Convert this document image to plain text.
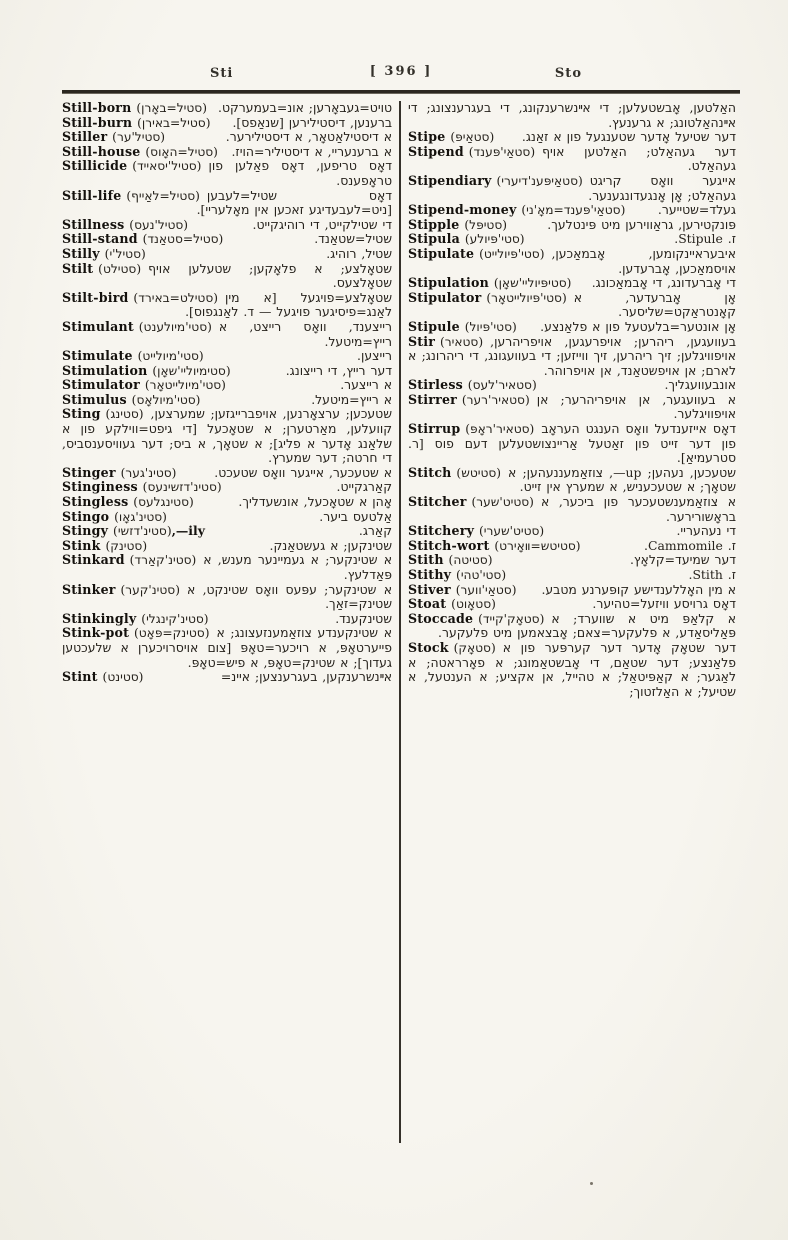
Sti	[ 396 ]	Sto
Still-born (סטיל=באָרן) טויט=געבאָרען; אונ=בעמערקט.
Still-burn (סטיל=באירן) ברענען, דיסטילירען [שנאַפס].
Stiller (סטיל'ער)	א דיסטילאַטאָר, א דיסטילירער.
Still-house (סטיל=האָוס) א ברענעריי, א דיסטיליר=הויז.
Stillicide (סטיל'יסאייד) דאָס טריפען, דאָס פאַלען פון טראָפענס.
Still-life (סטיל=לאַייף) דאָס שטיל=לעבען [ניט=לעבעדיגע זאכען אין מאָלעריי].
Stillness (סטיל'נעס)	די שטילקייט, די רוהיגקייט.
Still-stand (סטיל=סטאַנד)	שטיל=שטאַנד.
Stilly (סטיל'י)	שטיל, רוהיג.
Stilt (סטילט) שטאָלצע; א פלאָקען; שטעלען אויף שטאָלצעס.
Stilt-bird (סטילט=באירד) שטאָלצע=פויגעל [א מין לאַנג=פיסיגער פויגעל — ד. לאַנגפוס].
Stimulant (סטי'מיולענט) רייצענד, וואָס רייצט, א רייץ=מיטעל.
Stimulate (סטי'מיולייט)	רייצען.
Stimulation (סטימיוליי'שאָן)	דער רייץ, די רייצונג.
Stimulator (סטי'מיולייטאָר)	א רייצער.
Stimulus (סטי'מיולאָס)	א רייץ=מיטעל.
Sting (סטינג) שטעכען; ערצאָרנען, אויפברייגזען; שמערצען, קוועלען, מאַרטערן; א שטאָכעל [די גיפט=ווילקע פון א שלאַנג אָדער א פליג]; א שטאָך, א ביס; דער געוויסענסביס, די חרטה; דער שמערץ.
Stinger (סטינ'גער)	א שטעכער, אייגער וואָס שטעכט.
Stinginess (סטינ'דזשינעס)	קאַרגקייט.
Stingless (סטינגלעס)	אָהן א שטאָכעל, אונשעדליך.
Stingo (סטינ'גאָו)	אַלטעס ביער.
Stingy (סטינ'דזשי),—ily	קאַרג.
Stink (סטינק)	שטינקען; א געשטאַנק.
Stinkard (סטינ'קאַרד) א שטינקער; א געמיינער מענש, א פּאַדלעץ.
Stinker (סטינ'קער) א שטינקער; עפּעס וואָס שטינקט, א שטינק=זאַך.
Stinkingly (סטינ'קינגלי)	שטינקענד.
Stink-pot (סטינק=פּאָט) א שטינקענדע צוזאַמענזעצונג; א פייערטאָפּ, א רויכער=טאָפּ [צום אויסרויכערן א שלעכטען געדוך]; א שטינק=טאָפּ, א פיש=טאָפּ.
Stint (סטינט)	אײנשרענקען, בעגרענצען; איינ=
האַלטען, אָבשטעלען; די אײנשרענקונג, די בעגרענצונג; די אײנהאַלטונג; א גרענעץ.
Stipe (סטאַיפּ) דער שטיעל אָדער שטענגעל פון א זאַנג.
Stipend (סטאַי'פּענד) דער געהאַלט; האַלטען אויף געהאַלט.
Stipendiary (סטאַיפּענ'דיערי) אייגער וואָס קריגט געהאַלט; אָן אָנגעדונגענער.
Stipend-money (סטאַי'פּענד=מאָ'ני)	געלד=שטייער.
Stipple (סטיפּל)	פּונקטירען, גראַווירען מיט פּינטלעך.
Stipula (סטי'פּיולע)	ז. Stipule.
Stipulate (סטי'פּיולייט) איבעראיינקומען, אָבמאַכען, אויסמאַכען, אָברעדען.
Stipulation (סטיפּיוליי'שאָן) די אָברעדונג, די אָבמאַכונג.
Stipulator (סטי'פּיולייטאָר) אָן אָברעדער, א קאָנטראַקט=שליסער.
Stipule (סטי'פּיול) אָן אונטער=בלעטעל פון א פלאַנצע.
Stir (סטאיר) בעוועגען, ריהרען; אויפרעגען, אויפריהרען, אויפוויגלען; זיך ריהרען, זיך ווייזען; די בעוועגונג, די ריהרונג; א לארם; אן אויפשטאַנד, אן אויפרוהר.
Stirless (סטאיר'לעס)	אונבעוועגליך.
Stirrer (סטאיר'רער) א בעוועגער, אן אויפריהרער; אן אויפוויגלער.
Stirrup (סטאיר'ראָפּ) דאָס אייזענדעל וואָס הענגט העראָב פון דער זייט פון זאַטעל אַריינצושטעלען דעם פוס [ר. סטרעמיאַ].
Stitch (סטיטש) שטעכען, נעהען; ‎—up‎, צוזאַמעננעהען; א שטאָך; א שטעכעניש, א שמערץ אין זייט.
Stitcher (סטיט'שער) א צוזאַמענשטעכער פון ביכער, א בראָשורירער.
Stitchery (סטיט'שערי)	די נעהעריי.
Stitch-wort (סטיטש=װאָירט)	ז. Cammomile.
Stith (סטיטה)	דער שמיעד=קלאָץ.
Stithy (סטי'טהי)	ז. Stith.
Stiver (סטאַי'ווער) א מין האָללענדישע קופּערנע מטבע.
Stoat (סטאָוט)	דאָס גרויסע וויזעל=טהיער.
Stoccade (סטאָק'קייד) א קלאַפּ מיט א שווערד; א פּאַליסאַדע, א פלעקער=צאם; אָבצאמען מיט פלעקער.
Stock (סטאָק) דער שטאָק אָדער דער קערפּער פון א פלאַנצע; דער שטאַם, די אָבשטאַמונג; א פאָרראטה; א לאַגער; א קאַפּיטאַל; א טהייל, אן אקציע; א הענטעל, א שטיעל; א האַלזטוך;
